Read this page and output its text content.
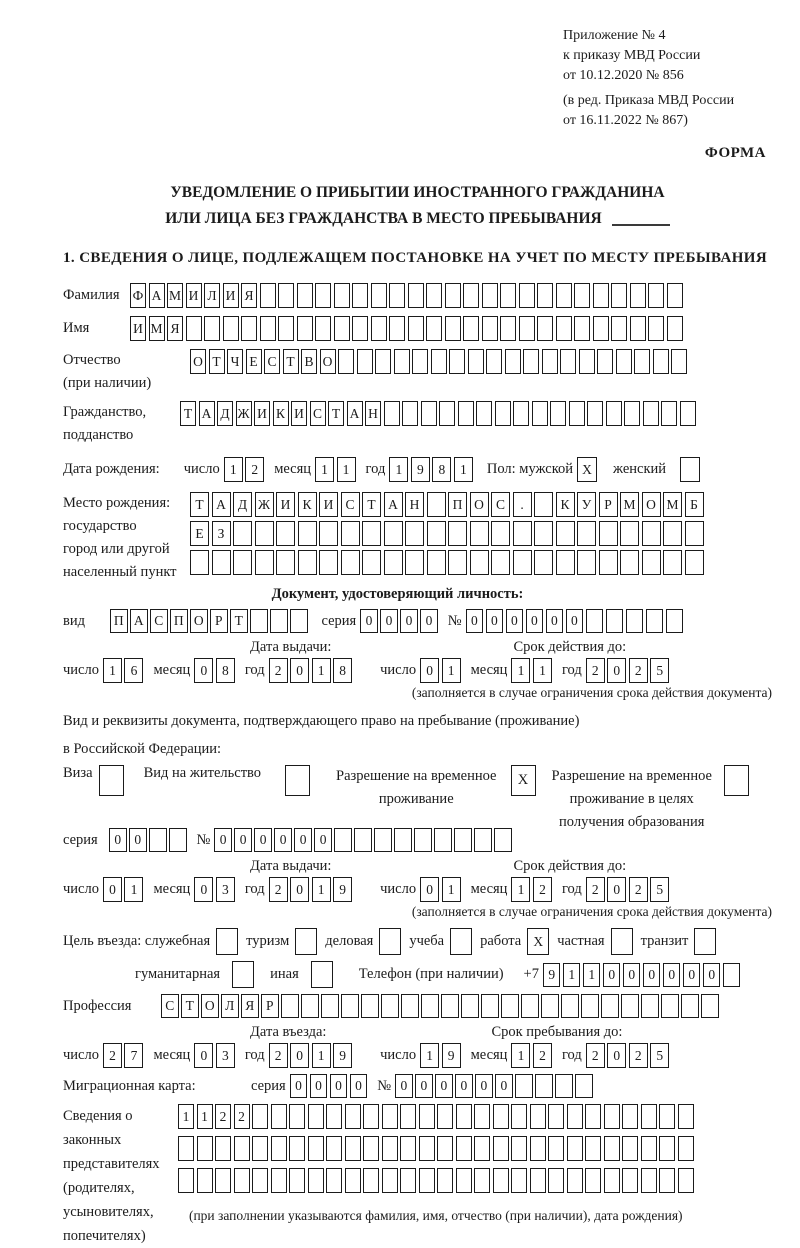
Приложение № 4
к приказу МВД России
от 10.12.2020 № 856
(в ред. Приказа МВД России
от 16.11.2022 № 867)
ФОРМА
УВЕДОМЛЕНИЕ О ПРИБЫТИИ ИНОСТРАННОГО ГРАЖДАНИНА
ИЛИ ЛИЦА БЕЗ ГРАЖДАНСТВА В МЕСТО ПРЕБЫВАНИЯ
1. СВЕДЕНИЯ О ЛИЦЕ, ПОДЛЕЖАЩЕМ ПОСТАНОВКЕ НА УЧЕТ ПО МЕСТУ ПРЕБЫВАНИЯ
Фамилия Ф А М И Л И Я
Имя	И М Я
Отчество
(при наличии)
О Т Ч Е С Т В О
Гражданство,
подданство
Т А Д Ж И К И С Т А Н
Дата рождения: число 1	2	месяц 1	1	год 1	9	8	1	Пол: мужской X	женский
Место рождения:
государство
город или другой
населенный пункт
Т А Д Ж И К И С Т А Н	П О С	.	К У Р М О М Б
Е	З
Документ, удостоверяющий личность:
вид	П А С П О Р Т	серия 0 0 0 0	№ 0 0 0 0 0 0
Дата выдачи:	Срок действия до:
число 1	6	месяц 0	8	год 2	0	1	8	число 0	1	месяц 1	1	год 2	0	2	5
(заполняется в случае ограничения срока действия документа)
Вид и реквизиты документа, подтверждающего право на пребывание (проживание)
в Российской Федерации:
Виза	Вид на жительство	Разрешение на временное
проживание
X	Разрешение на временное
проживание в целях
получения образования
серия	0 0	№ 0 0 0 0 0 0
Дата выдачи:	Срок действия до:
число 0	1	месяц 0	3	год 2	0	1	9	число 0	1	месяц 1	2	год 2	0	2	5
(заполняется в случае ограничения срока действия документа)
Цель въезда: служебная туризм деловая учеба работа X частная транзит
гуманитарная	иная	Телефон (при наличии) +7 9 1 1 0 0 0 0 0 0
Профессия	С Т О Л Я Р
Дата въезда:	Срок пребывания до:
число 2	7	месяц 0	3	год 2	0	1	9	число 1	9	месяц 1	2	год 2	0	2	5
Миграционная карта:	серия 0 0 0 0	№ 0 0 0 0 0 0
Сведения о
законных
представителях
(родителях,
усыновителях,
попечителях)
1 1 2 2
(при заполнении указываются фамилия, имя, отчество (при наличии), дата рождения)
